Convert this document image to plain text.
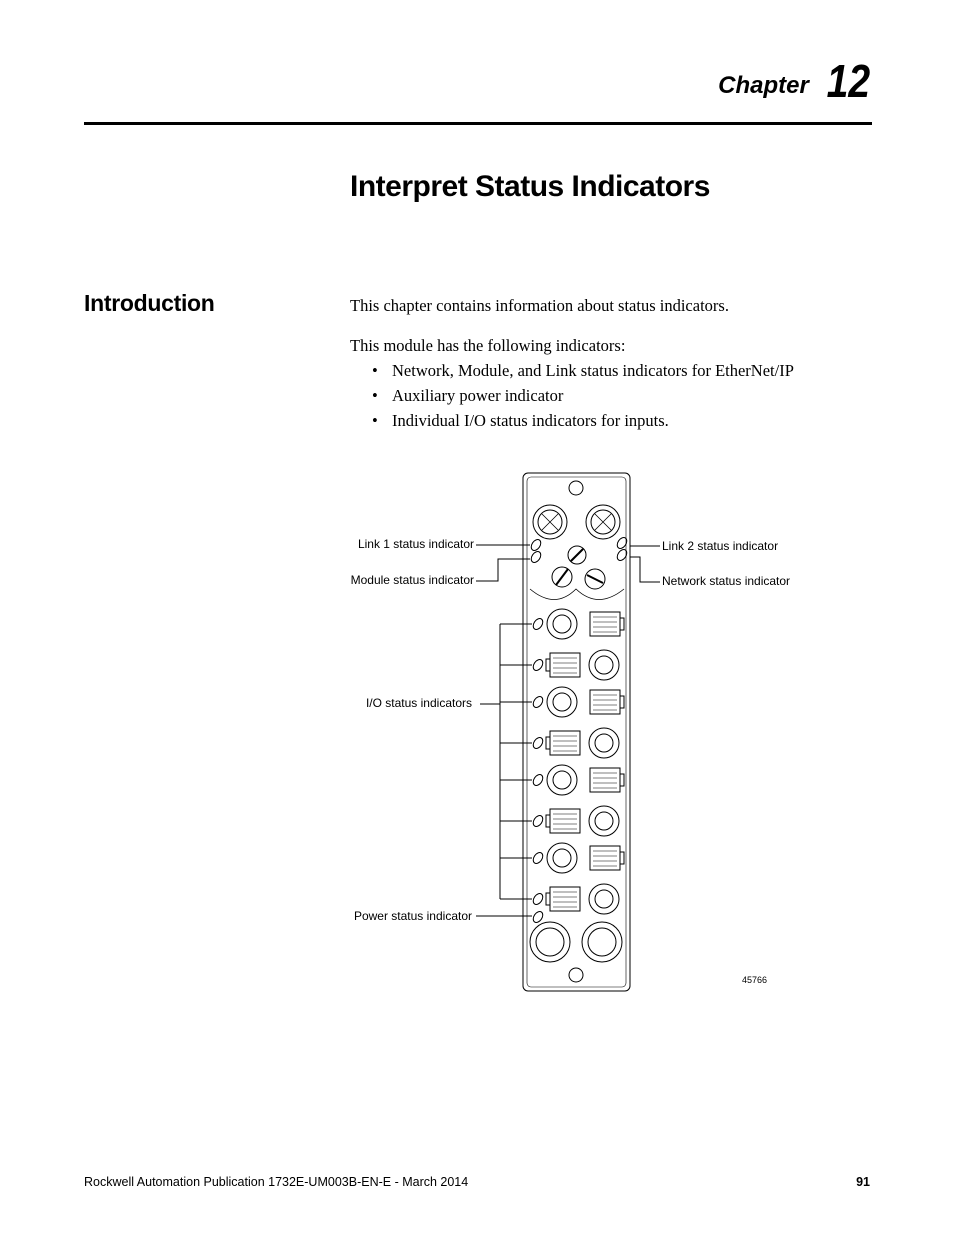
Chapter 12
Interpret Status Indicators
Introduction	This chapter contains information about status indicators.

This module has the following indicators:

• Network, Module, and Link status indicators for EtherNet/IP
• Auxiliary power indicator
• Individual I/O status indicators for inputs.
Link 1 status indicator
Module status indicator
I/O status indicators
Power status indicator
Link 2 status indicator
Network status indicator
45766
Rockwell Automation Publication 1732E-UM003B-EN-E - March 2014	91
